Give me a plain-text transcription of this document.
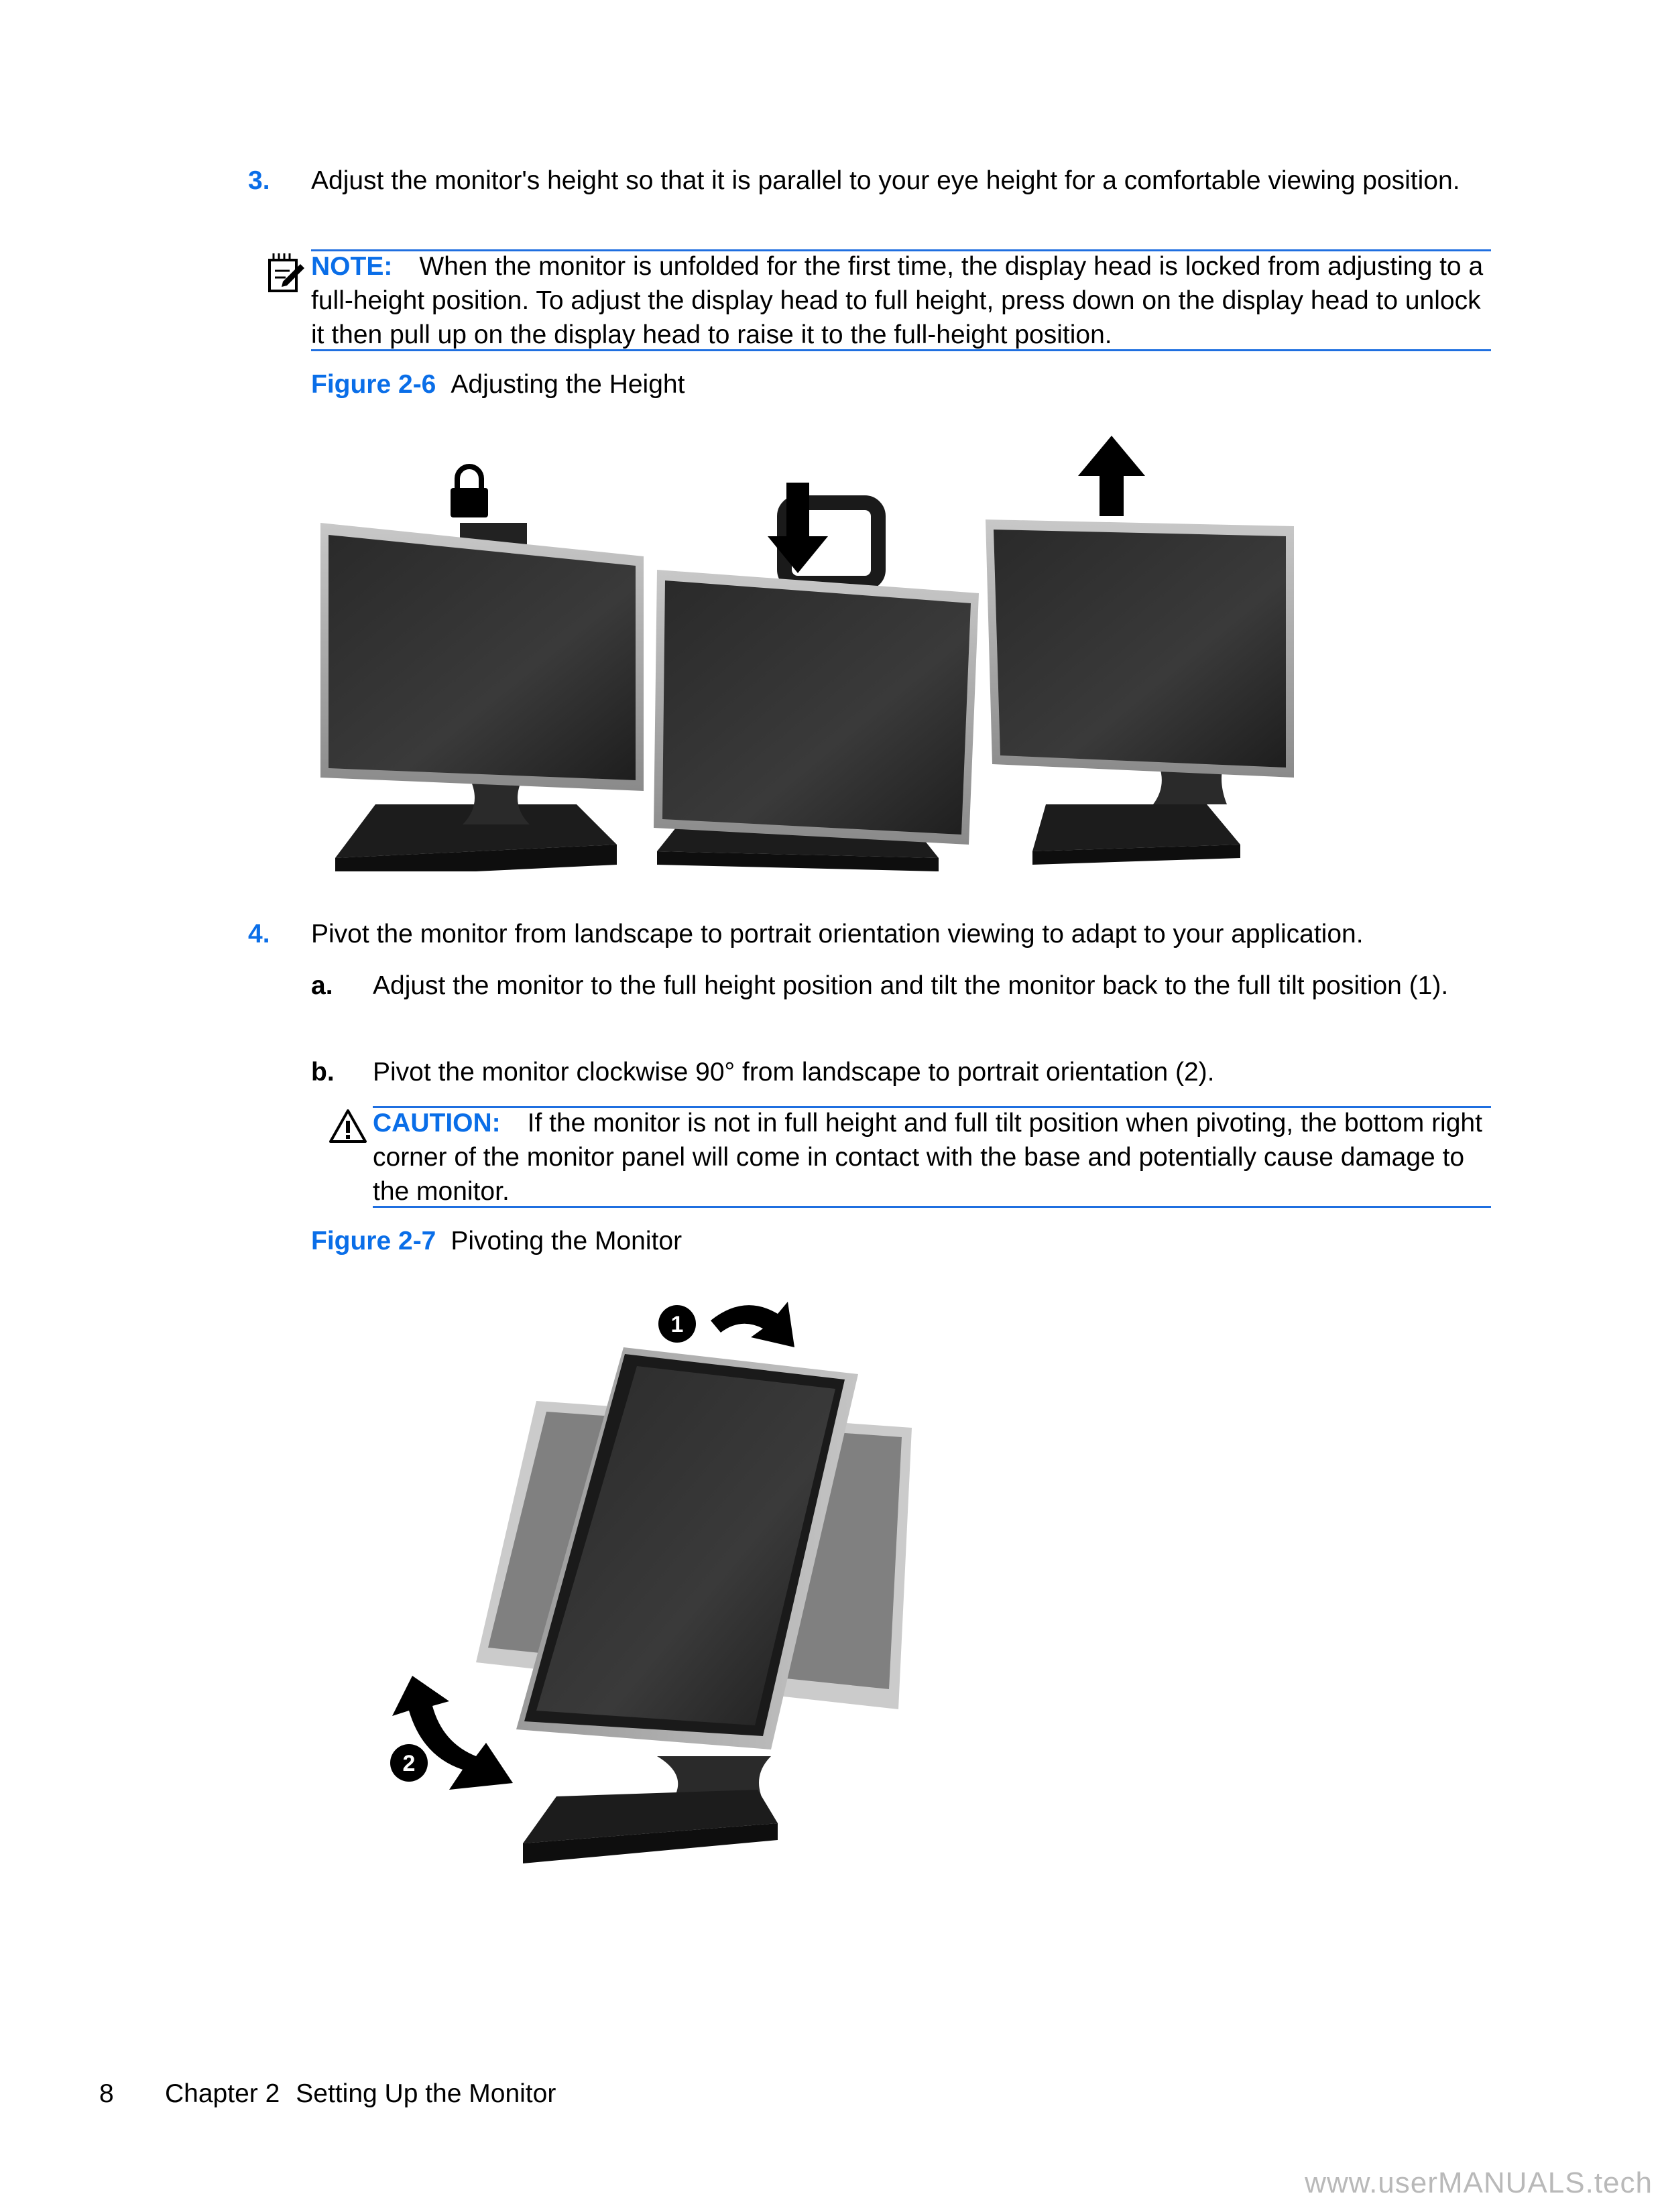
3. Adjust the monitor's height so that it is parallel to your eye height for a comfortable viewing position.

NOTE: When the monitor is unfolded for the first time, the display head is locked from adjusting to a full-height position. To adjust the display head to full height, press down on the display head to unlock it then pull up on the display head to raise it to the full-height position.

Figure 2-6 Adjusting the Height
4. Pivot the monitor from landscape to portrait orientation viewing to adapt to your application.

a. Adjust the monitor to the full height position and tilt the monitor back to the full tilt position (1).

b. Pivot the monitor clockwise 90° from landscape to portrait orientation (2).

CAUTION: If the monitor is not in full height and full tilt position when pivoting, the bottom right corner of the monitor panel will come in contact with the base and potentially cause damage to the monitor.

Figure 2-7 Pivoting the Monitor
1
2
8 Chapter 2 Setting Up the Monitor
www.userMANUALS.tech
